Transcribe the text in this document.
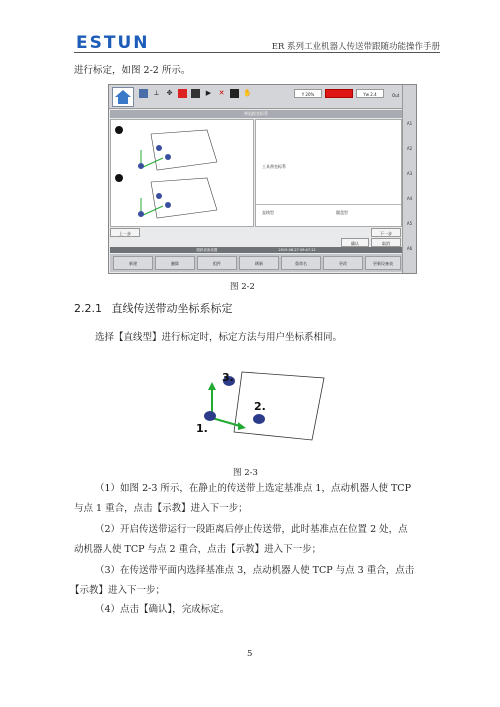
ESTUN	ER 系列工业机器人传送带跟随功能操作手册
进行标定，如图 2-2 所示。
⟂	✥	▶ ✕	✋	Y 20%	Yw 2.4	Out
A1
A2
A3
A4
A5
A6
带追踪坐标系
工具带坐标系
直线型	圆盘型
上一步	下一步
确认	取消
跟踪设备设置	2019-06-27 09:47:12
新建	删除	组件	刷新	重命名	更改	更新设备表
图 2-2
2.2.1 直线传送带动坐标系标定
选择【直线型】进行标定时，标定方法与用户坐标系相同。
3.
2.
1.
图 2-3
（1）如图 2-3 所示，在静止的传送带上选定基准点 1，点动机器人使 TCP
与点 1 重合，点击【示教】进入下一步；
（2）开启传送带运行一段距离后停止传送带，此时基准点在位置 2 处，点
动机器人使 TCP 与点 2 重合，点击【示教】进入下一步；
（3）在传送带平面内选择基准点 3，点动机器人使 TCP 与点 3 重合，点击
【示教】进入下一步；
（4）点击【确认】，完成标定。
5
